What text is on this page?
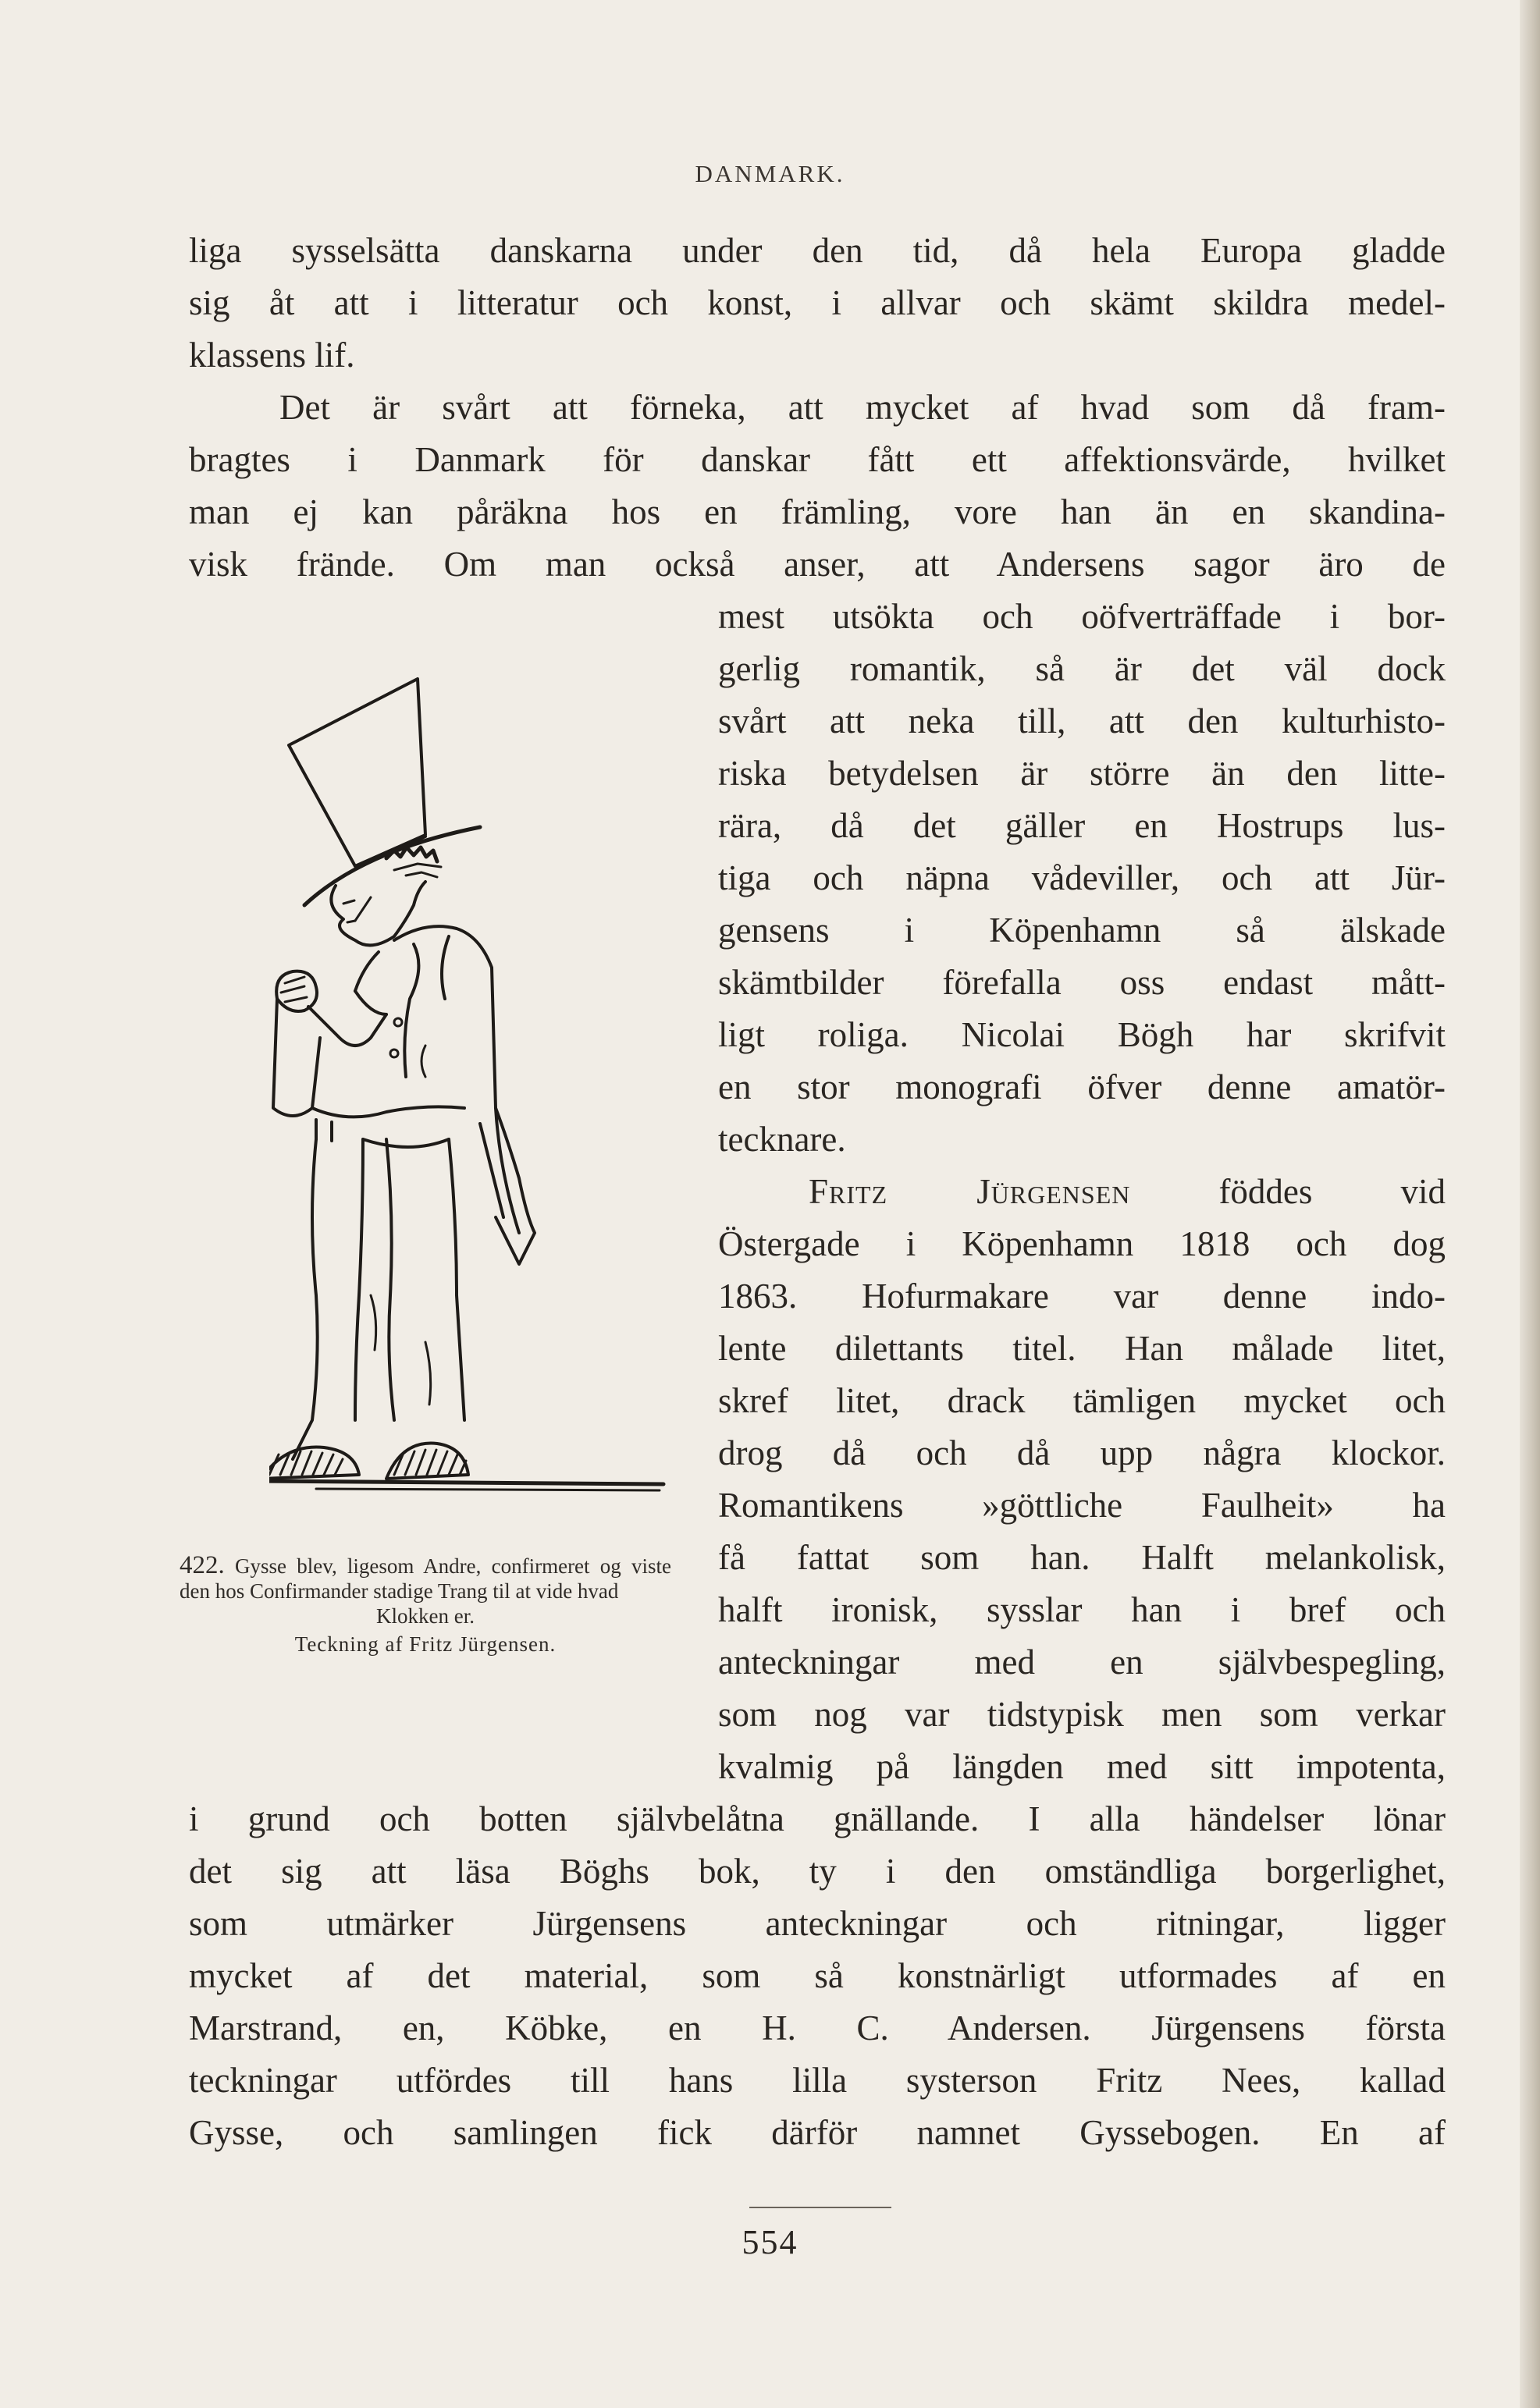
DANMARK.
liga sysselsätta danskarna under den tid, då hela Europa gladde
sig åt att i litteratur och konst, i allvar och skämt skildra medel-
klassens lif.
Det är svårt att förneka, att mycket af hvad som då fram-
bragtes i Danmark för danskar fått ett affektionsvärde, hvilket
man ej kan påräkna hos en främling, vore han än en skandina-
visk frände. Om man också anser, att Andersens sagor äro de
mest utsökta och oöfverträffade i bor-
gerlig romantik, så är det väl dock
svårt att neka till, att den kulturhisto-
riska betydelsen är större än den litte-
rära, då det gäller en Hostrups lus-
tiga och näpna vådeviller, och att Jür-
gensens i Köpenhamn så älskade
skämtbilder förefalla oss endast mått-
ligt roliga. Nicolai Bögh har skrifvit
en stor monografi öfver denne amatör-
tecknare.
Fritz Jürgensen föddes vid
Östergade i Köpenhamn 1818 och dog
1863. Hofurmakare var denne indo-
lente dilettants titel. Han målade litet,
skref litet, drack tämligen mycket och
drog då och då upp några klockor.
Romantikens »göttliche Faulheit» ha
få fattat som han. Halft melankolisk,
halft ironisk, sysslar han i bref och
anteckningar med en självbespegling,
som nog var tidstypisk men som verkar
kvalmig på längden med sitt impotenta,
i grund och botten självbelåtna gnällande. I alla händelser lönar
det sig att läsa Böghs bok, ty i den omständliga borgerlighet,
som utmärker Jürgensens anteckningar och ritningar, ligger
mycket af det material, som så konstnärligt utformades af en
Marstrand, en, Köbke, en H. C. Andersen. Jürgensens första
teckningar utfördes till hans lilla systerson Fritz Nees, kallad
Gysse, och samlingen fick därför namnet Gyssebogen. En af
422. Gysse blev, ligesom Andre, confirmeret og viste den hos Confirmander stadige Trang til at vide hvad
Klokken er.
Teckning af Fritz Jürgensen.
554
